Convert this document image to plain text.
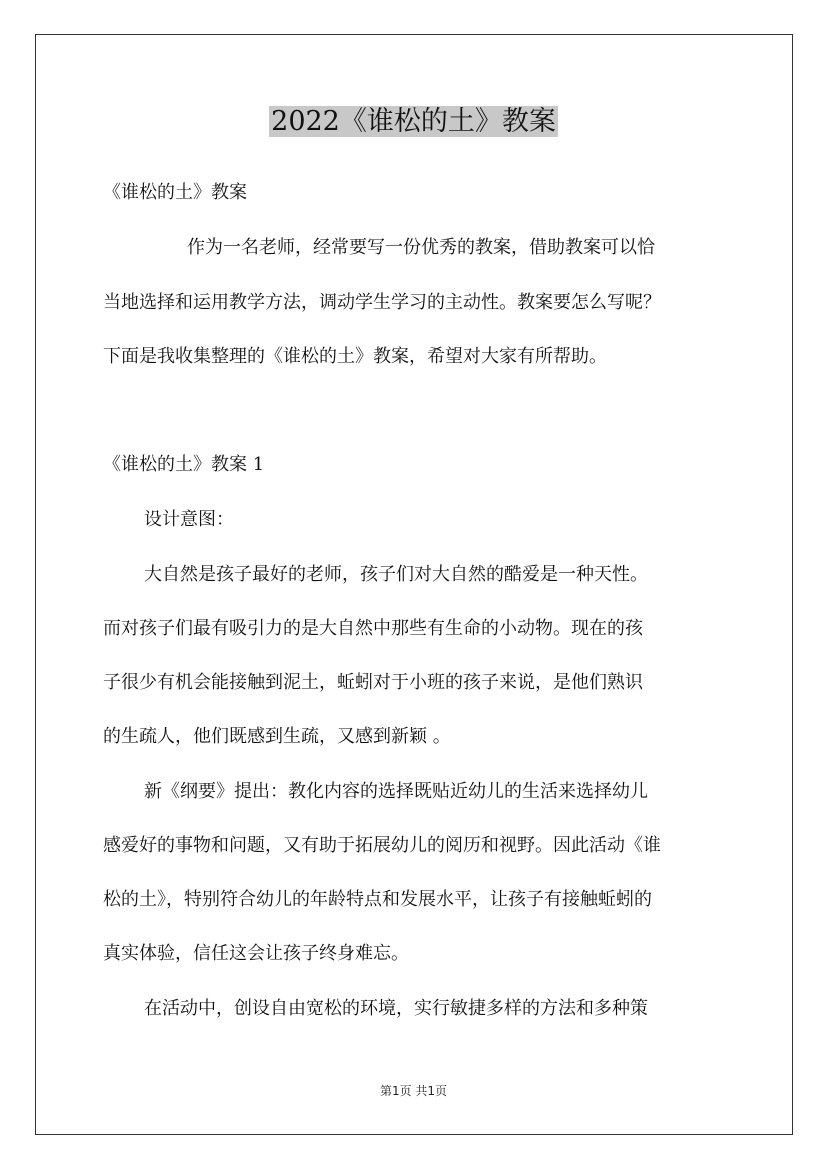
2022《谁松的土》教案
《谁松的土》教案
作为一名老师，经常要写一份优秀的教案，借助教案可以恰
当地选择和运用教学方法，调动学生学习的主动性。教案要怎么写呢？
下面是我收集整理的《谁松的土》教案，希望对大家有所帮助。
《谁松的土》教案 1
设计意图：
大自然是孩子最好的老师，孩子们对大自然的酷爱是一种天性。
而对孩子们最有吸引力的是大自然中那些有生命的小动物。现在的孩
子很少有机会能接触到泥土，蚯蚓对于小班的孩子来说，是他们熟识
的生疏人，他们既感到生疏，又感到新颖 。
新《纲要》提出：教化内容的选择既贴近幼儿的生活来选择幼儿
感爱好的事物和问题，又有助于拓展幼儿的阅历和视野。因此活动《谁
松的土》，特别符合幼儿的年龄特点和发展水平，让孩子有接触蚯蚓的
真实体验，信任这会让孩子终身难忘。
在活动中，创设自由宽松的环境，实行敏捷多样的方法和多种策
第1页 共1页
